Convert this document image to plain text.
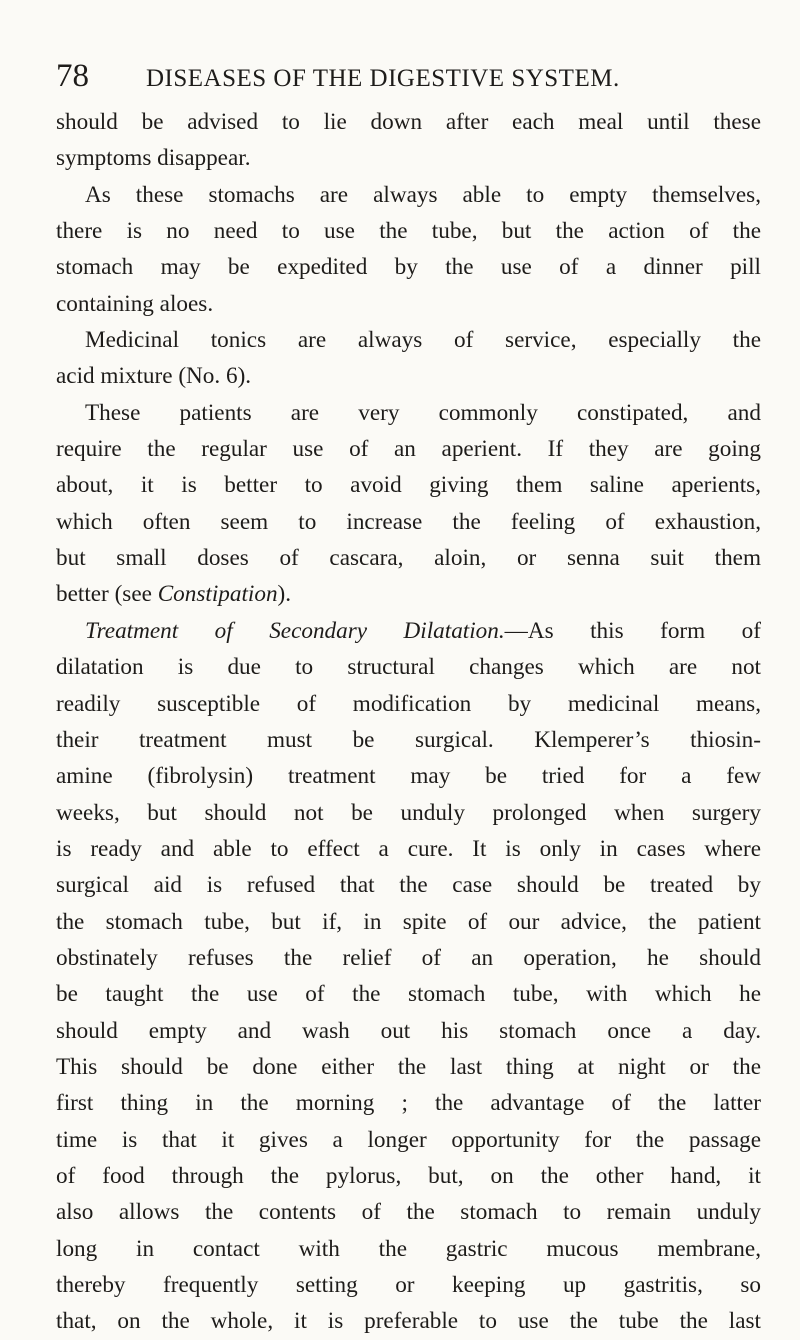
78 DISEASES OF THE DIGESTIVE SYSTEM.
should be advised to lie down after each meal until these
symptoms disappear.
As these stomachs are always able to empty themselves,
there is no need to use the tube, but the action of the
stomach may be expedited by the use of a dinner pill
containing aloes.
Medicinal tonics are always of service, especially the
acid mixture (No. 6).
These patients are very commonly constipated, and
require the regular use of an aperient. If they are going
about, it is better to avoid giving them saline aperients,
which often seem to increase the feeling of exhaustion,
but small doses of cascara, aloin, or senna suit them
better (see Constipation).
Treatment of Secondary Dilatation.—As this form of
dilatation is due to structural changes which are not
readily susceptible of modification by medicinal means,
their treatment must be surgical. Klemperer’s thiosin-
amine (fibrolysin) treatment may be tried for a few
weeks, but should not be unduly prolonged when surgery
is ready and able to effect a cure. It is only in cases where
surgical aid is refused that the case should be treated by
the stomach tube, but if, in spite of our advice, the patient
obstinately refuses the relief of an operation, he should
be taught the use of the stomach tube, with which he
should empty and wash out his stomach once a day.
This should be done either the last thing at night or the
first thing in the morning ; the advantage of the latter
time is that it gives a longer opportunity for the passage
of food through the pylorus, but, on the other hand, it
also allows the contents of the stomach to remain unduly
long in contact with the gastric mucous membrane,
thereby frequently setting or keeping up gastritis, so
that, on the whole, it is preferable to use the tube the last
